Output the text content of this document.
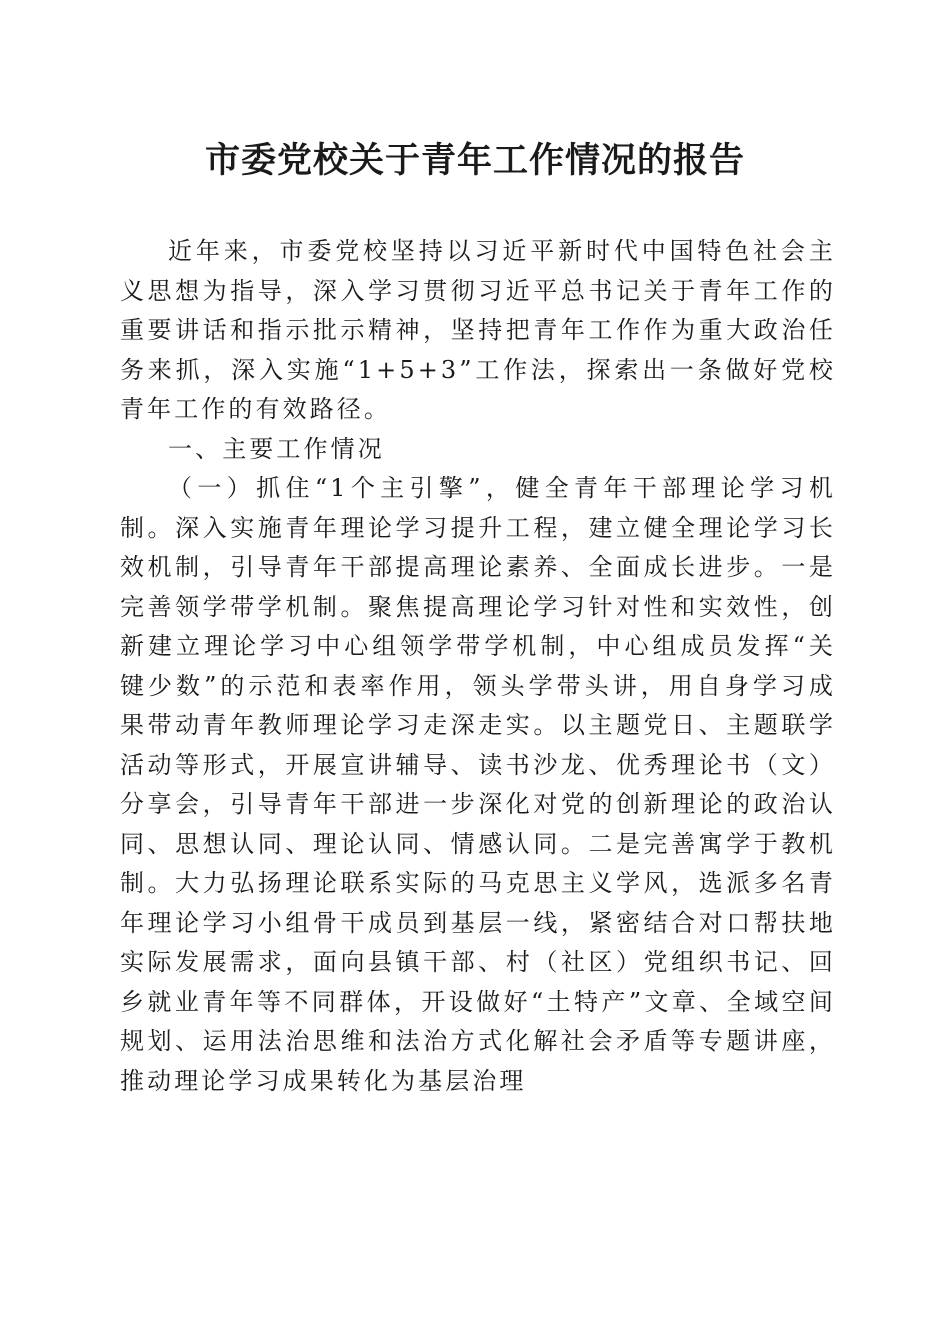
市委党校关于青年工作情况的报告

近年来，市委党校坚持以习近平新时代中国特色社会主义思想为指导，深入学习贯彻习近平总书记关于青年工作的重要讲话和指示批示精神，坚持把青年工作作为重大政治任务来抓，深入实施“1+5+3”工作法，探索出一条做好党校青年工作的有效路径。

一、主要工作情况

（一）抓住“1个主引擎”，健全青年干部理论学习机制。深入实施青年理论学习提升工程，建立健全理论学习长效机制，引导青年干部提高理论素养、全面成长进步。一是完善领学带学机制。聚焦提高理论学习针对性和实效性，创新建立理论学习中心组领学带学机制，中心组成员发挥“关键少数”的示范和表率作用，领头学带头讲，用自身学习成果带动青年教师理论学习走深走实。以主题党日、主题联学活动等形式，开展宣讲辅导、读书沙龙、优秀理论书（文）分享会，引导青年干部进一步深化对党的创新理论的政治认同、思想认同、理论认同、情感认同。二是完善寓学于教机制。大力弘扬理论联系实际的马克思主义学风，选派多名青年理论学习小组骨干成员到基层一线，紧密结合对口帮扶地实际发展需求，面向县镇干部、村（社区）党组织书记、回乡就业青年等不同群体，开设做好“土特产”文章、全域空间规划、运用法治思维和法治方式化解社会矛盾等专题讲座，推动理论学习成果转化为基层治理
